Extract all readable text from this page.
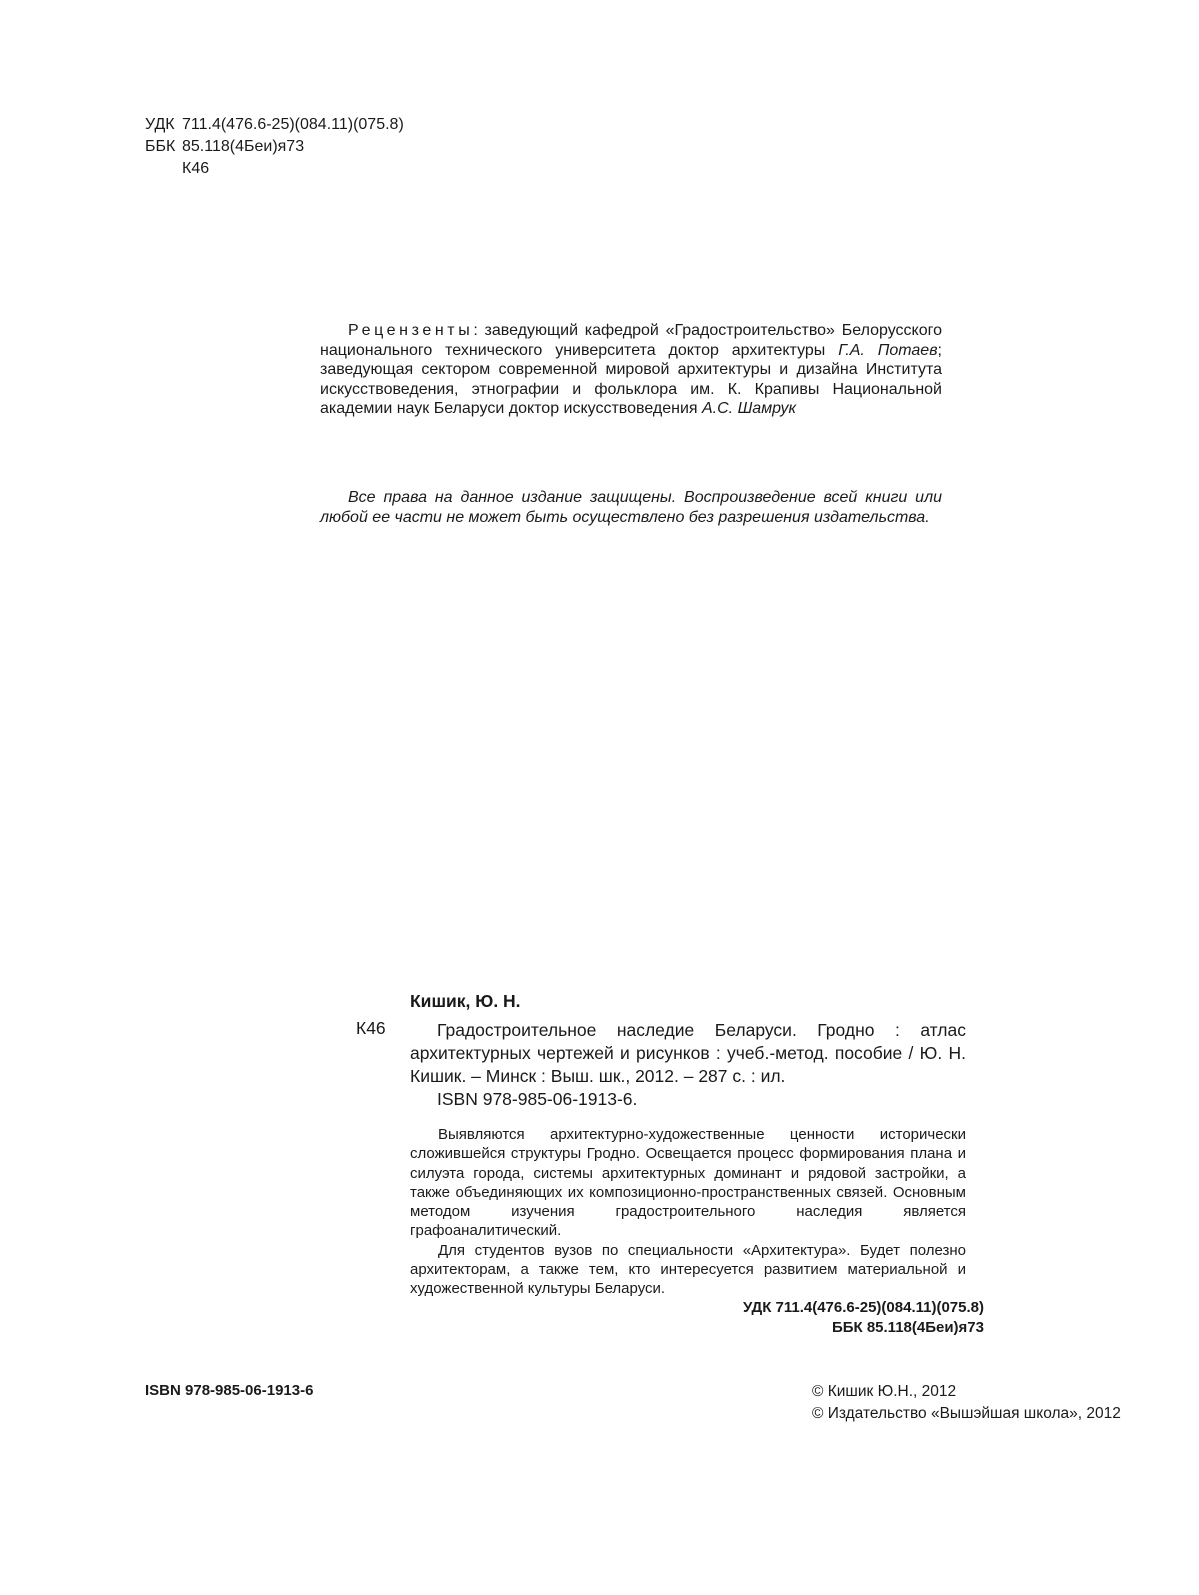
УДК 711.4(476.6-25)(084.11)(075.8)
ББК 85.118(4Беи)я73
К46
Рецензенты: заведующий кафедрой «Градостроительство» Белорусского национального технического университета доктор архитектуры Г.А. Потаев; заведующая сектором современной мировой архитектуры и дизайна Института искусствоведения, этнографии и фольклора им. К. Крапивы Национальной академии наук Беларуси доктор искусствоведения А.С. Шамрук
Все права на данное издание защищены. Воспроизведение всей книги или любой ее части не может быть осуществлено без разрешения издательства.
Кишик, Ю. Н.
К46	Градостроительное наследие Беларуси. Гродно : атлас архитектурных чертежей и рисунков : учеб.-метод. пособие / Ю. Н. Кишик. – Минск : Выш. шк., 2012. – 287 с. : ил.
ISBN 978-985-06-1913-6.

Выявляются архитектурно-художественные ценности исторически сложившейся структуры Гродно. Освещается процесс формирования плана и силуэта города, системы архитектурных доминант и рядовой застройки, а также объединяющих их композиционно-пространственных связей. Основным методом изучения градостроительного наследия является графоаналитический.

Для студентов вузов по специальности «Архитектура». Будет полезно архитекторам, а также тем, кто интересуется развитием материальной и художественной культуры Беларуси.

УДК 711.4(476.6-25)(084.11)(075.8)
ББК 85.118(4Беи)я73
ISBN 978-985-06-1913-6	© Кишик Ю.Н., 2012
© Издательство «Вышэйшая школа», 2012
